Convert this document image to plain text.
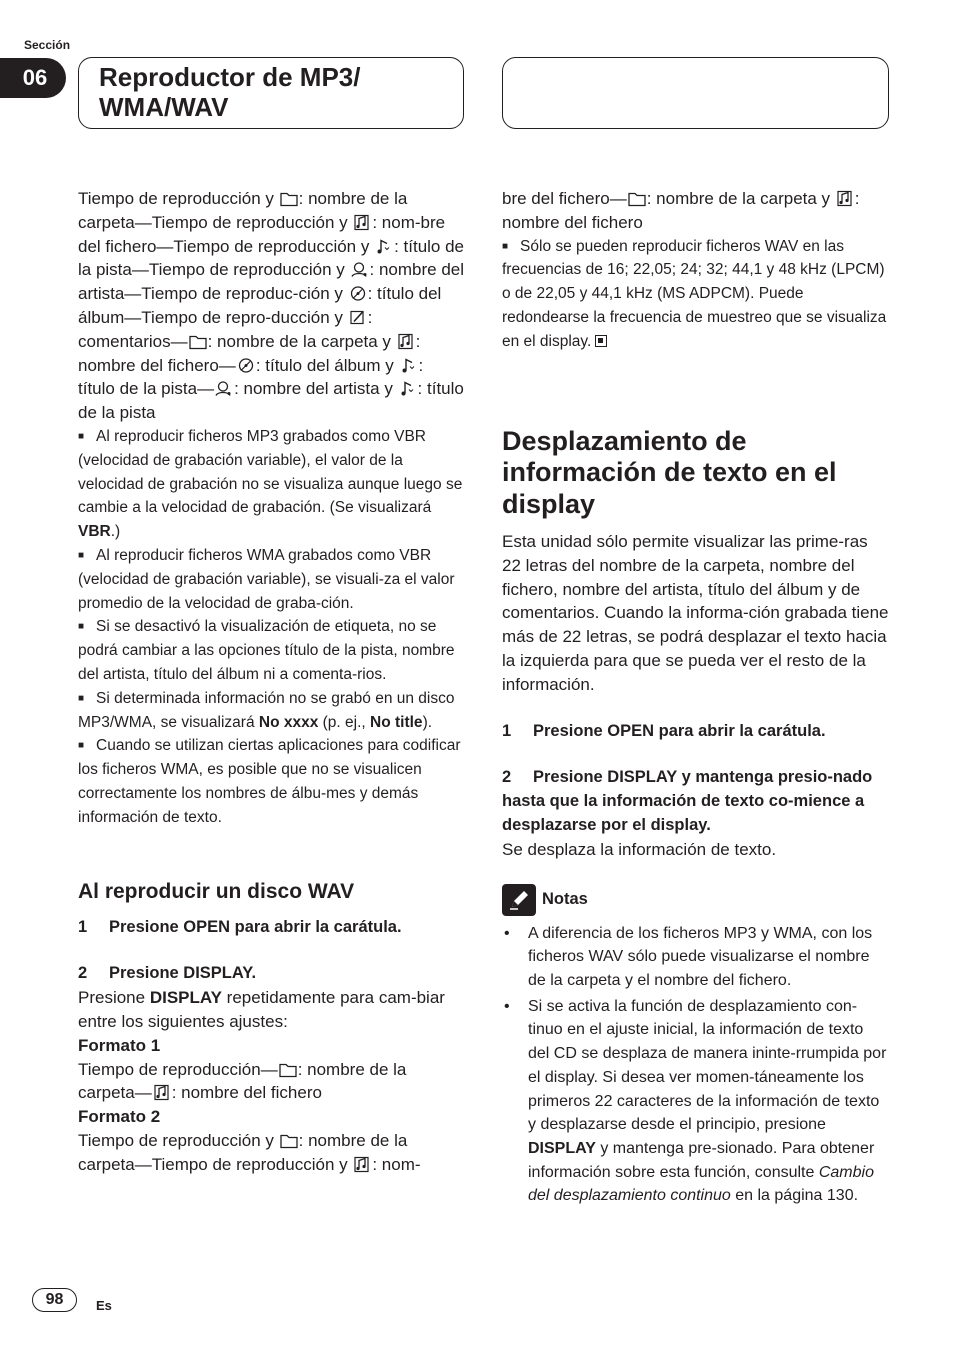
Sección
06	Reproductor de MP3/
WMA/WAV

Tiempo de reproducción y : nombre de la carpeta—Tiempo de reproducción y : nom-bre del fichero—Tiempo de reproducción y : título de la pista—Tiempo de reproducción y : nombre del artista—Tiempo de reproduc-ción y : título del álbum—Tiempo de repro-ducción y : comentarios— : nombre de la carpeta y : nombre del fichero— : título del álbum y : título de la pista— : nombre del artista y : título de la pista

■ Al reproducir ficheros MP3 grabados como VBR (velocidad de grabación variable), el valor de la velocidad de grabación no se visualiza aunque luego se cambie a la velocidad de grabación. (Se visualizará VBR.)

■ Al reproducir ficheros WMA grabados como VBR (velocidad de grabación variable), se visuali-za el valor promedio de la velocidad de graba-ción.

■ Si se desactivó la visualización de etiqueta, no se podrá cambiar a las opciones título de la pista, nombre del artista, título del álbum ni a comenta-rios.

■ Si determinada información no se grabó en un disco MP3/WMA, se visualizará No xxxx (p. ej., No title).

■ Cuando se utilizan ciertas aplicaciones para codificar los ficheros WMA, es posible que no se visualicen correctamente los nombres de álbu-mes y demás información de texto.

Al reproducir un disco WAV

1 Presione OPEN para abrir la carátula.

2 Presione DISPLAY.

Presione DISPLAY repetidamente para cam-biar entre los siguientes ajustes:

Formato 1

Tiempo de reproducción— : nombre de la carpeta— : nombre del fichero

Formato 2

Tiempo de reproducción y : nombre de la carpeta—Tiempo de reproducción y : nom-

bre del fichero— : nombre de la carpeta y : nombre del fichero

■ Sólo se pueden reproducir ficheros WAV en las frecuencias de 16; 22,05; 24; 32; 44,1 y 48 kHz (LPCM) o de 22,05 y 44,1 kHz (MS ADPCM). Puede redondearse la frecuencia de muestreo que se visualiza en el display.

Desplazamiento de información de texto en el display

Esta unidad sólo permite visualizar las prime-ras 22 letras del nombre de la carpeta, nombre del fichero, nombre del artista, título del álbum y de comentarios. Cuando la informa-ción grabada tiene más de 22 letras, se podrá desplazar el texto hacia la izquierda para que se pueda ver el resto de la información.

1 Presione OPEN para abrir la carátula.

2 Presione DISPLAY y mantenga presio-nado hasta que la información de texto co-mience a desplazarse por el display.

Se desplaza la información de texto.

Notas
• A diferencia de los ficheros MP3 y WMA, con los ficheros WAV sólo puede visualizarse el nombre de la carpeta y el nombre del fichero.
• Si se activa la función de desplazamiento con-tinuo en el ajuste inicial, la información de texto del CD se desplaza de manera ininte-rrumpida por el display. Si desea ver momen-táneamente los primeros 22 caracteres de la información de texto y desplazarse desde el principio, presione DISPLAY y mantenga pre-sionado. Para obtener información sobre esta función, consulte Cambio del desplazamiento continuo en la página 130.
98	Es
